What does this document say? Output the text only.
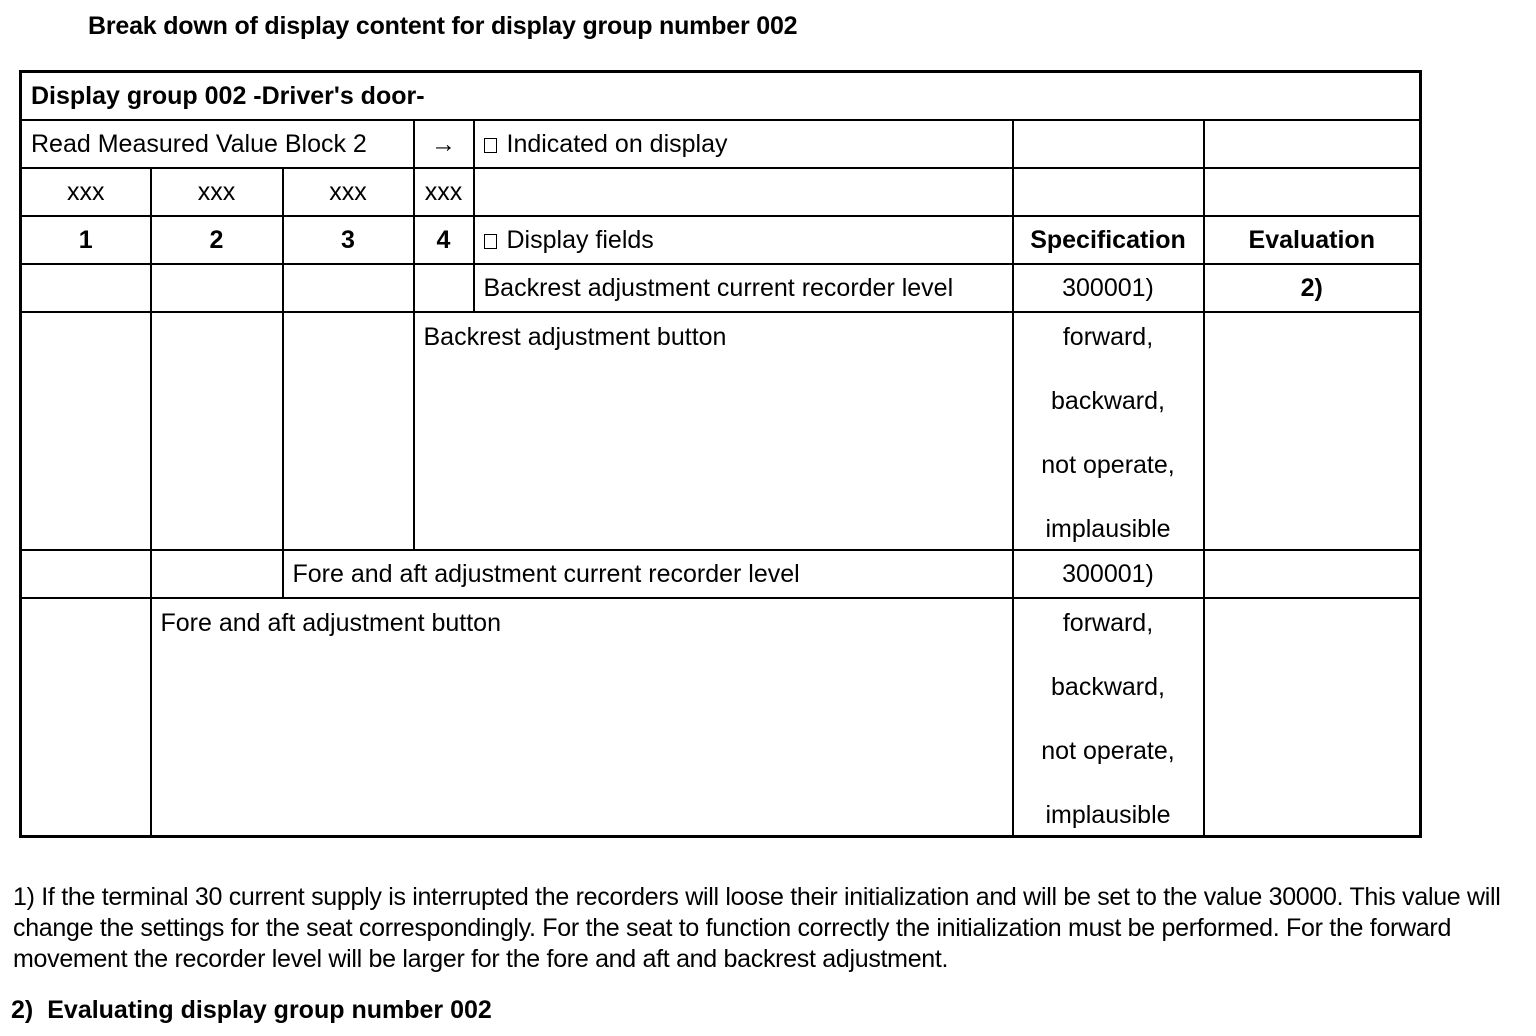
Break down of display content for display group number 002
Display group 002 -Driver's door-						
Read Measured Value Block 2			→	Indicated on display		
xxx	xxx	xxx	xxx			
1	2	3	4	Display fields	Specification	Evaluation
				Backrest adjustment current recorder level	300001)	2)
			Backrest adjustment button		forward,
backward,
not operate,
implausible	

		Fore and aft adjustment current recorder level			300001)	
	Fore and aft adjustment button				forward,
backward,
not operate,
implausible	

1) If the terminal 30 current supply is interrupted the recorders will loose their initialization and will be set to the value 30000. This value will change the settings for the seat correspondingly. For the seat to function correctly the initialization must be performed. For the forward movement the recorder level will be larger for the fore and aft and backrest adjustment.
2) Evaluating display group number 002
